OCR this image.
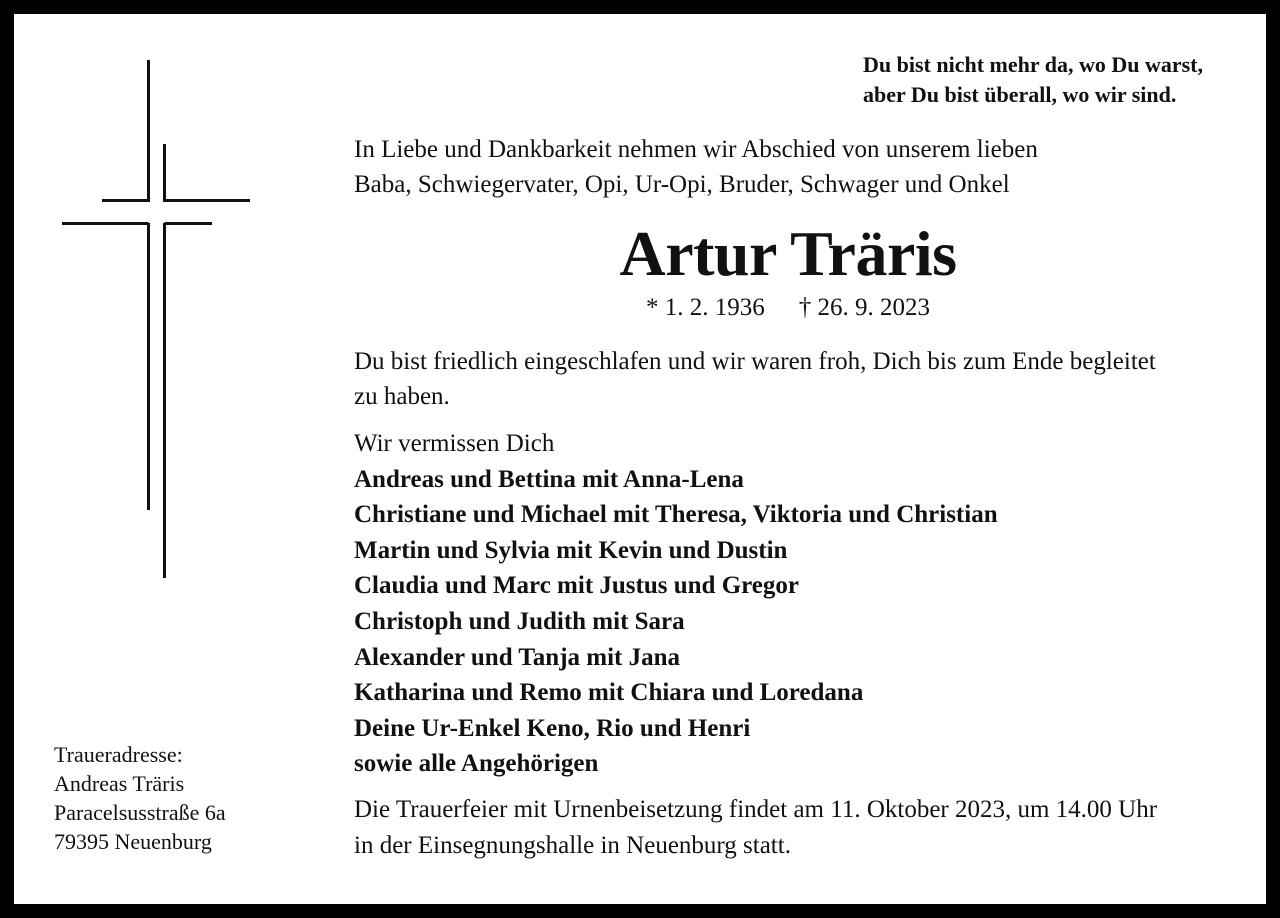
Du bist nicht mehr da, wo Du warst,
aber Du bist überall, wo wir sind.
In Liebe und Dankbarkeit nehmen wir Abschied von unserem lieben
Baba, Schwiegervater, Opi, Ur-Opi, Bruder, Schwager und Onkel
Artur Träris
* 1. 2. 1936 † 26. 9. 2023
Du bist friedlich eingeschlafen und wir waren froh, Dich bis zum Ende begleitet
zu haben.
Wir vermissen Dich
Andreas und Bettina mit Anna-Lena
Christiane und Michael mit Theresa, Viktoria und Christian
Martin und Sylvia mit Kevin und Dustin
Claudia und Marc mit Justus und Gregor
Christoph und Judith mit Sara
Alexander und Tanja mit Jana
Katharina und Remo mit Chiara und Loredana
Deine Ur-Enkel Keno, Rio und Henri
sowie alle Angehörigen
Die Trauerfeier mit Urnenbeisetzung findet am 11. Oktober 2023, um 14.00 Uhr
in der Einsegnungshalle in Neuenburg statt.
Traueradresse:
Andreas Träris
Paracelsusstraße 6a
79395 Neuenburg
